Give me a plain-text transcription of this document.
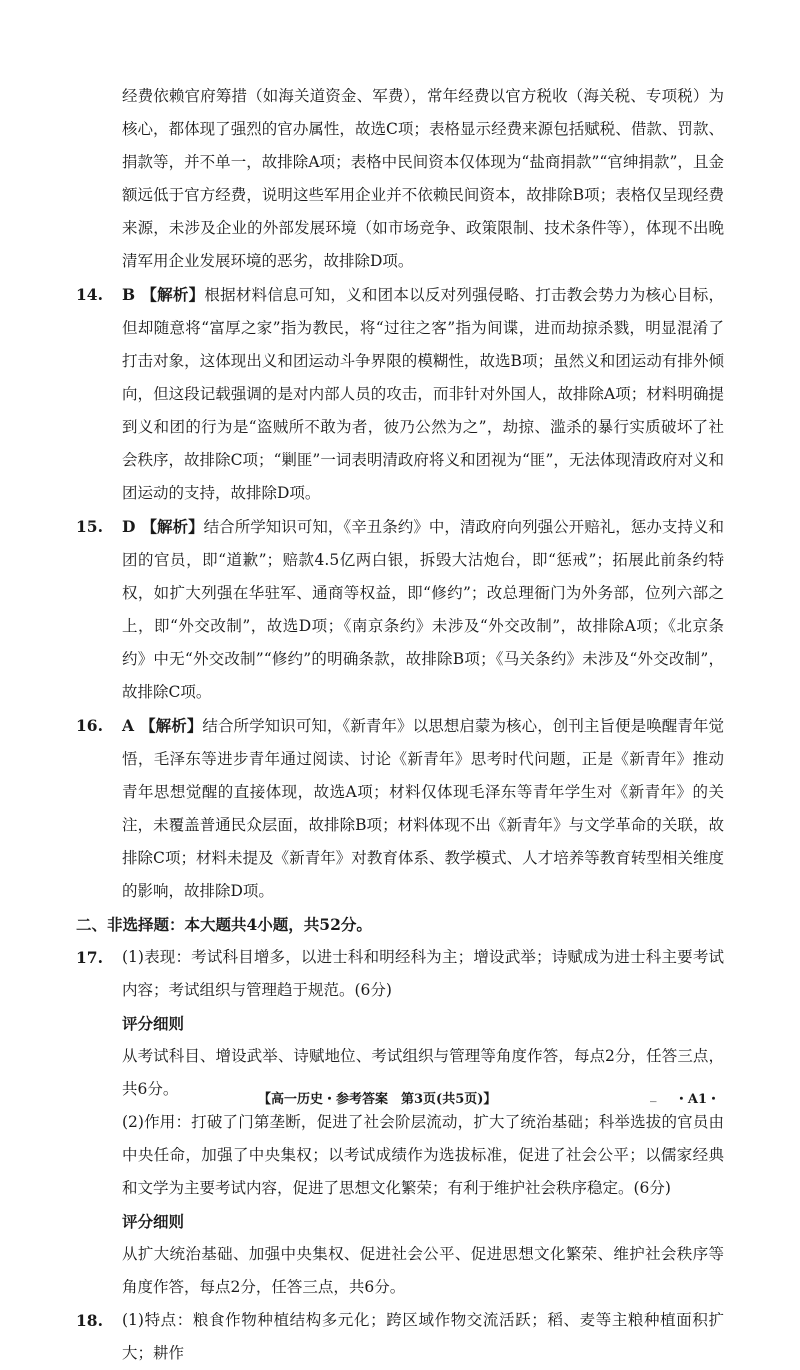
经费依赖官府筹措（如海关道资金、军费），常年经费以官方税收（海关税、专项税）为核心，都体现了强烈的官办属性，故选C项；表格显示经费来源包括赋税、借款、罚款、捐款等，并不单一，故排除A项；表格中民间资本仅体现为“盐商捐款”“官绅捐款”，且金额远低于官方经费，说明这些军用企业并不依赖民间资本，故排除B项；表格仅呈现经费来源，未涉及企业的外部发展环境（如市场竞争、政策限制、技术条件等），体现不出晚清军用企业发展环境的恶劣，故排除D项。

14. B 【解析】根据材料信息可知，义和团本以反对列强侵略、打击教会势力为核心目标，但却随意将“富厚之家”指为教民，将“过往之客”指为间谍，进而劫掠杀戮，明显混淆了打击对象，这体现出义和团运动斗争界限的模糊性，故选B项；虽然义和团运动有排外倾向，但这段记载强调的是对内部人员的攻击，而非针对外国人，故排除A项；材料明确提到义和团的行为是“盗贼所不敢为者，彼乃公然为之”，劫掠、滥杀的暴行实质破坏了社会秩序，故排除C项；“剿匪”一词表明清政府将义和团视为“匪”，无法体现清政府对义和团运动的支持，故排除D项。
15. D 【解析】结合所学知识可知，《辛丑条约》中，清政府向列强公开赔礼，惩办支持义和团的官员，即“道歉”；赔款4.5亿两白银，拆毁大沽炮台，即“惩戒”；拓展此前条约特权，如扩大列强在华驻军、通商等权益，即“修约”；改总理衙门为外务部，位列六部之上，即“外交改制”，故选D项；《南京条约》未涉及“外交改制”，故排除A项；《北京条约》中无“外交改制”“修约”的明确条款，故排除B项；《马关条约》未涉及“外交改制”，故排除C项。
16. A 【解析】结合所学知识可知，《新青年》以思想启蒙为核心，创刊主旨便是唤醒青年觉悟，毛泽东等进步青年通过阅读、讨论《新青年》思考时代问题，正是《新青年》推动青年思想觉醒的直接体现，故选A项；材料仅体现毛泽东等青年学生对《新青年》的关注，未覆盖普通民众层面，故排除B项；材料体现不出《新青年》与文学革命的关联，故排除C项；材料未提及《新青年》对教育体系、教学模式、人才培养等教育转型相关维度的影响，故排除D项。

二、非选择题：本大题共4小题，共52分。

17. (1)表现：考试科目增多，以进士科和明经科为主；增设武举；诗赋成为进士科主要考试内容；考试组织与管理趋于规范。(6分)

评分细则

从考试科目、增设武举、诗赋地位、考试组织与管理等角度作答，每点2分，任答三点，共6分。

(2)作用：打破了门第垄断，促进了社会阶层流动，扩大了统治基础；科举选拔的官员由中央任命，加强了中央集权；以考试成绩作为选拔标准，促进了社会公平；以儒家经典和文学为主要考试内容，促进了思想文化繁荣；有利于维护社会秩序稳定。(6分)

评分细则

从扩大统治基础、加强中央集权、促进社会公平、促进思想文化繁荣、维护社会秩序等角度作答，每点2分，任答三点，共6分。

18. (1)特点：粮食作物种植结构多元化；跨区域作物交流活跃；稻、麦等主粮种植面积扩大；耕作
【高一历史・参考答案　第3页(共5页)】	_ ・A1・
